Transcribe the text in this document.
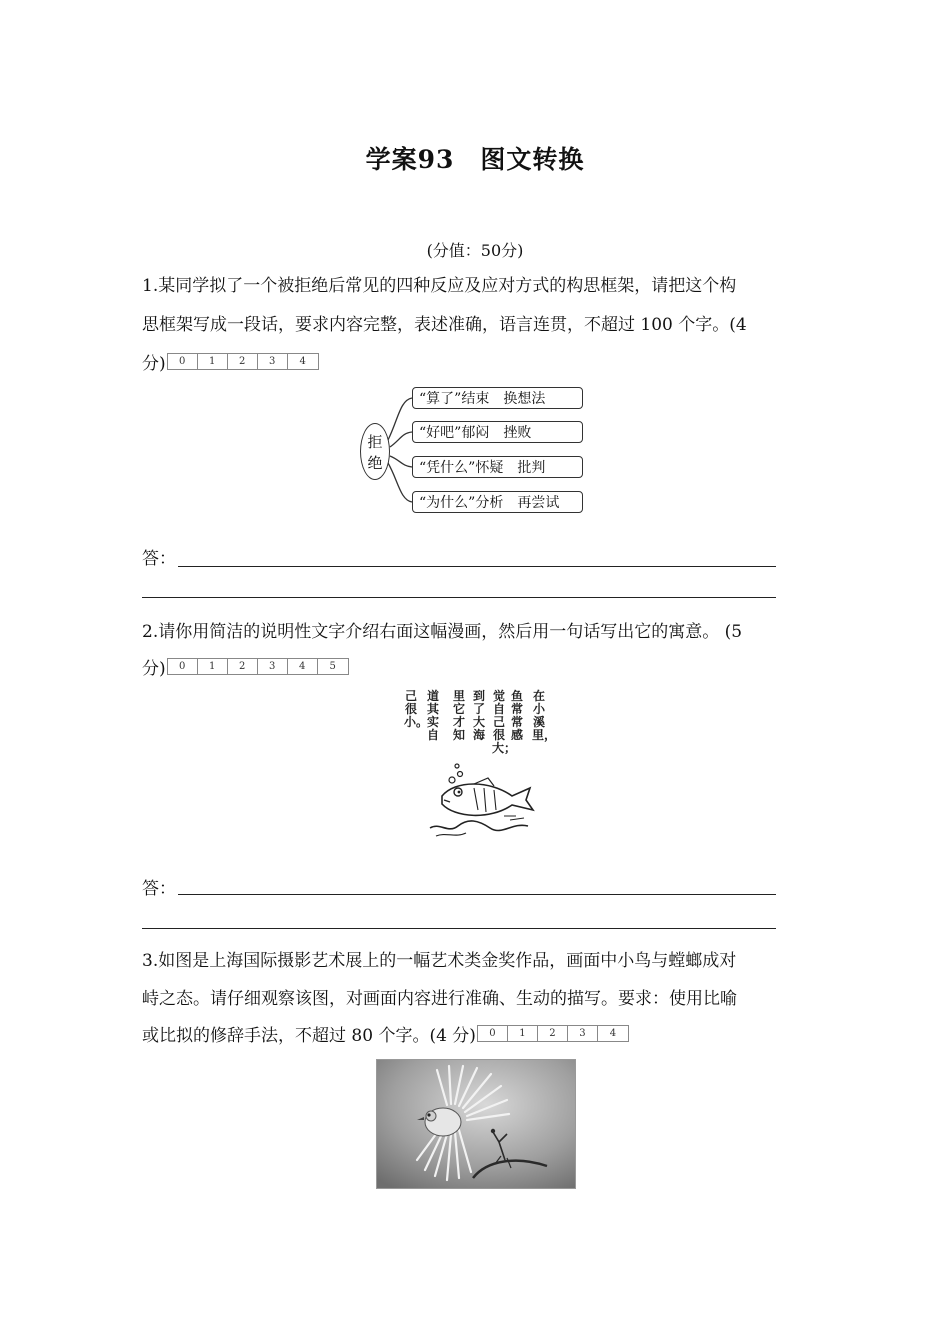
学案93　图文转换
(分值：50分)
1.某同学拟了一个被拒绝后常见的四种反应及应对方式的构思框架，请把这个构
思框架写成一段话，要求内容完整，表述准确，语言连贯，不超过 100 个字。(4
分)	0	1	2	3	4
拒
绝
“算了”结束　换想法
“好吧”郁闷　挫败
“凭什么”怀疑　批判
“为什么”分析　再尝试
答：
2.请你用简洁的说明性文字介绍右面这幅漫画，然后用一句话写出它的寓意。 (5
分)	0	1	2	3	4	5
在小溪里，
鱼常常感
觉自己很大；
到了大海
里它才知
道其实自
己很小。
答：
3.如图是上海国际摄影艺术展上的一幅艺术类金奖作品，画面中小鸟与螳螂成对
峙之态。请仔细观察该图，对画面内容进行准确、生动的描写。要求：使用比喻
或比拟的修辞手法，不超过 80 个字。(4 分)	0	1	2	3	4
